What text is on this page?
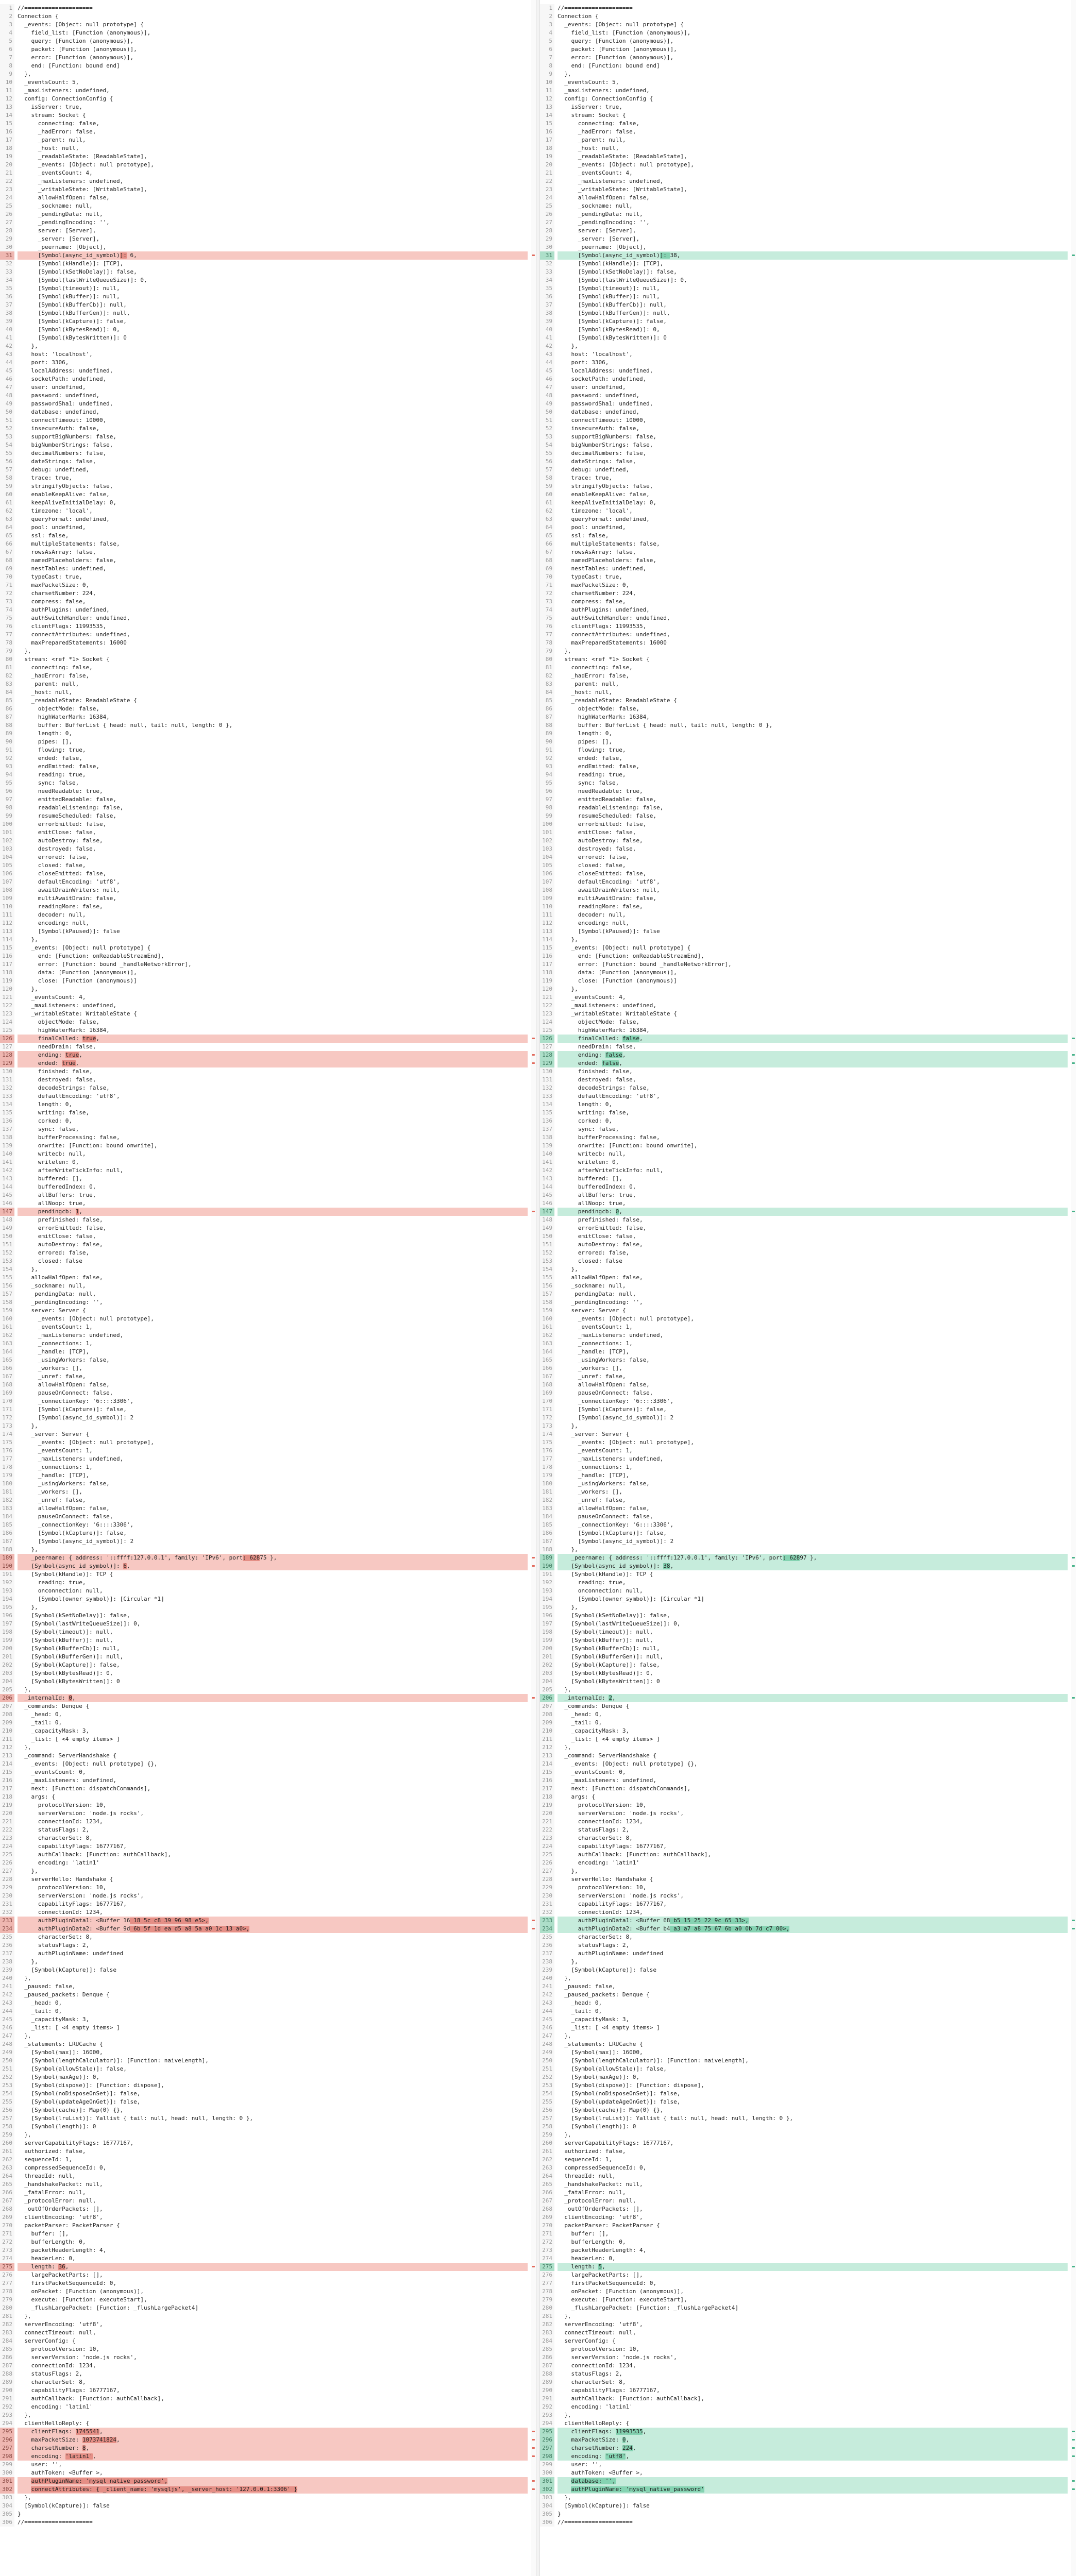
1 //====================
2 Connection {
3 _events: [Object: null prototype] {
4 field_list: [Function (anonymous)],
5 query: [Function (anonymous)],
6 packet: [Function (anonymous)],
7 error: [Function (anonymous)],
8 end: [Function: bound end]
9 },
10 _eventsCount: 5,
11 _maxListeners: undefined,
12 config: ConnectionConfig {
13 isServer: true,
14 stream: Socket {
15 connecting: false,
16 _hadError: false,
17 _parent: null,
18 _host: null,
19 _readableState: [ReadableState],
20 _events: [Object: null prototype],
21 _eventsCount: 4,
22 _maxListeners: undefined,
23 _writableState: [WritableState],
24 allowHalfOpen: false,
25 _sockname: null,
26 _pendingData: null,
27 _pendingEncoding: '',
28 server: [Server],
29 _server: [Server],
30 _peername: [Object],
31 [Symbol(async_id_symbol)]: 6,
32 [Symbol(kHandle)]: [TCP],
33 [Symbol(kSetNoDelay)]: false,
34 [Symbol(lastWriteQueueSize)]: 0,
35 [Symbol(timeout)]: null,
36 [Symbol(kBuffer)]: null,
37 [Symbol(kBufferCb)]: null,
38 [Symbol(kBufferGen)]: null,
39 [Symbol(kCapture)]: false,
40 [Symbol(kBytesRead)]: 0,
41 [Symbol(kBytesWritten)]: 0
42 },
43 host: 'localhost',
44 port: 3306,
45 localAddress: undefined,
46 socketPath: undefined,
47 user: undefined,
48 password: undefined,
49 passwordSha1: undefined,
50 database: undefined,
51 connectTimeout: 10000,
52 insecureAuth: false,
53 supportBigNumbers: false,
54 bigNumberStrings: false,
55 decimalNumbers: false,
56 dateStrings: false,
57 debug: undefined,
58 trace: true,
59 stringifyObjects: false,
60 enableKeepAlive: false,
61 keepAliveInitialDelay: 0,
62 timezone: 'local',
63 queryFormat: undefined,
64 pool: undefined,
65 ssl: false,
66 multipleStatements: false,
67 rowsAsArray: false,
68 namedPlaceholders: false,
69 nestTables: undefined,
70 typeCast: true,
71 maxPacketSize: 0,
72 charsetNumber: 224,
73 compress: false,
74 authPlugins: undefined,
75 authSwitchHandler: undefined,
76 clientFlags: 11993535,
77 connectAttributes: undefined,
78 maxPreparedStatements: 16000
79 },
80 stream: <ref *1> Socket {
81 connecting: false,
82 _hadError: false,
83 _parent: null,
84 _host: null,
85 _readableState: ReadableState {
86 objectMode: false,
87 highWaterMark: 16384,
88 buffer: BufferList { head: null, tail: null, length: 0 },
89 length: 0,
90 pipes: [],
91 flowing: true,
92 ended: false,
93 endEmitted: false,
94 reading: true,
95 sync: false,
96 needReadable: true,
97 emittedReadable: false,
98 readableListening: false,
99 resumeScheduled: false,
100 errorEmitted: false,
101 emitClose: false,
102 autoDestroy: false,
103 destroyed: false,
104 errored: false,
105 closed: false,
106 closeEmitted: false,
107 defaultEncoding: 'utf8',
108 awaitDrainWriters: null,
109 multiAwaitDrain: false,
110 readingMore: false,
111 decoder: null,
112 encoding: null,
113 [Symbol(kPaused)]: false
114 },
115 _events: [Object: null prototype] {
116 end: [Function: onReadableStreamEnd],
117 error: [Function: bound _handleNetworkError],
118 data: [Function (anonymous)],
119 close: [Function (anonymous)]
120 },
121 _eventsCount: 4,
122 _maxListeners: undefined,
123 _writableState: WritableState {
124 objectMode: false,
125 highWaterMark: 16384,
126 finalCalled: true,
127 needDrain: false,
128 ending: true,
129 ended: true,
130 finished: false,
131 destroyed: false,
132 decodeStrings: false,
133 defaultEncoding: 'utf8',
134 length: 0,
135 writing: false,
136 corked: 0,
137 sync: false,
138 bufferProcessing: false,
139 onwrite: [Function: bound onwrite],
140 writecb: null,
141 writelen: 0,
142 afterWriteTickInfo: null,
143 buffered: [],
144 bufferedIndex: 0,
145 allBuffers: true,
146 allNoop: true,
147 pendingcb: 1,
148 prefinished: false,
149 errorEmitted: false,
150 emitClose: false,
151 autoDestroy: false,
152 errored: false,
153 closed: false
154 },
155 allowHalfOpen: false,
156 _sockname: null,
157 _pendingData: null,
158 _pendingEncoding: '',
159 server: Server {
160 _events: [Object: null prototype],
161 _eventsCount: 1,
162 _maxListeners: undefined,
163 _connections: 1,
164 _handle: [TCP],
165 _usingWorkers: false,
166 _workers: [],
167 _unref: false,
168 allowHalfOpen: false,
169 pauseOnConnect: false,
170 _connectionKey: '6::::3306',
171 [Symbol(kCapture)]: false,
172 [Symbol(async_id_symbol)]: 2
173 },
174 _server: Server {
175 _events: [Object: null prototype],
176 _eventsCount: 1,
177 _maxListeners: undefined,
178 _connections: 1,
179 _handle: [TCP],
180 _usingWorkers: false,
181 _workers: [],
182 _unref: false,
183 allowHalfOpen: false,
184 pauseOnConnect: false,
185 _connectionKey: '6::::3306',
186 [Symbol(kCapture)]: false,
187 [Symbol(async_id_symbol)]: 2
188 },
189 _peername: { address: '::ffff:127.0.0.1', family: 'IPv6', port: 62875 },
190 [Symbol(async_id_symbol)]: 6,
191 [Symbol(kHandle)]: TCP {
192 reading: true,
193 onconnection: null,
194 [Symbol(owner_symbol)]: [Circular *1]
195 },
196 [Symbol(kSetNoDelay)]: false,
197 [Symbol(lastWriteQueueSize)]: 0,
198 [Symbol(timeout)]: null,
199 [Symbol(kBuffer)]: null,
200 [Symbol(kBufferCb)]: null,
201 [Symbol(kBufferGen)]: null,
202 [Symbol(kCapture)]: false,
203 [Symbol(kBytesRead)]: 0,
204 [Symbol(kBytesWritten)]: 0
205 },
206 _internalId: 0,
207 _commands: Denque {
208 _head: 0,
209 _tail: 0,
210 _capacityMask: 3,
211 _list: [ <4 empty items> ]
212 },
213 _command: ServerHandshake {
214 _events: [Object: null prototype] {},
215 _eventsCount: 0,
216 _maxListeners: undefined,
217 next: [Function: dispatchCommands],
218 args: {
219 protocolVersion: 10,
220 serverVersion: 'node.js rocks',
221 connectionId: 1234,
222 statusFlags: 2,
223 characterSet: 8,
224 capabilityFlags: 16777167,
225 authCallback: [Function: authCallback],
226 encoding: 'latin1'
227 },
228 serverHello: Handshake {
229 protocolVersion: 10,
230 serverVersion: 'node.js rocks',
231 capabilityFlags: 16777167,
232 connectionId: 1234,
233 authPluginData1: <Buffer 16 18 5c c8 39 96 98 e5>,
234 authPluginData2: <Buffer 9d 6b 5f 1d ea d5 a8 5a a0 1c 13 a0>,
235 characterSet: 8,
236 statusFlags: 2,
237 authPluginName: undefined
238 },
239 [Symbol(kCapture)]: false
240 },
241 _paused: false,
242 _paused_packets: Denque {
243 _head: 0,
244 _tail: 0,
245 _capacityMask: 3,
246 _list: [ <4 empty items> ]
247 },
248 _statements: LRUCache {
249 [Symbol(max)]: 16000,
250 [Symbol(lengthCalculator)]: [Function: naiveLength],
251 [Symbol(allowStale)]: false,
252 [Symbol(maxAge)]: 0,
253 [Symbol(dispose)]: [Function: dispose],
254 [Symbol(noDisposeOnSet)]: false,
255 [Symbol(updateAgeOnGet)]: false,
256 [Symbol(cache)]: Map(0) {},
257 [Symbol(lruList)]: Yallist { tail: null, head: null, length: 0 },
258 [Symbol(length)]: 0
259 },
260 serverCapabilityFlags: 16777167,
261 authorized: false,
262 sequenceId: 1,
263 compressedSequenceId: 0,
264 threadId: null,
265 _handshakePacket: null,
266 _fatalError: null,
267 _protocolError: null,
268 _outOfOrderPackets: [],
269 clientEncoding: 'utf8',
270 packetParser: PacketParser {
271 buffer: [],
272 bufferLength: 0,
273 packetHeaderLength: 4,
274 headerLen: 0,
275 length: 36,
276 largePacketParts: [],
277 firstPacketSequenceId: 0,
278 onPacket: [Function (anonymous)],
279 execute: [Function: executeStart],
280 _flushLargePacket: [Function: _flushLargePacket4]
281 },
282 serverEncoding: 'utf8',
283 connectTimeout: null,
284 serverConfig: {
285 protocolVersion: 10,
286 serverVersion: 'node.js rocks',
287 connectionId: 1234,
288 statusFlags: 2,
289 characterSet: 8,
290 capabilityFlags: 16777167,
291 authCallback: [Function: authCallback],
292 encoding: 'latin1'
293 },
294 clientHelloReply: {
295 clientFlags: 1745541,
296 maxPacketSize: 1073741824,
297 charsetNumber: 8,
298 encoding: 'latin1',
299 user: '',
300 authToken: <Buffer >,
301 authPluginName: 'mysql_native_password',
302 connectAttributes: { _client_name: 'mysqljs', _server_host: '127.0.0.1:3306' }
303 },
304 [Symbol(kCapture)]: false
305 }
306 //====================
1 //====================
2 Connection {
3 _events: [Object: null prototype] {
4 field_list: [Function (anonymous)],
5 query: [Function (anonymous)],
6 packet: [Function (anonymous)],
7 error: [Function (anonymous)],
8 end: [Function: bound end]
9 },
10 _eventsCount: 5,
11 _maxListeners: undefined,
12 config: ConnectionConfig {
13 isServer: true,
14 stream: Socket {
15 connecting: false,
16 _hadError: false,
17 _parent: null,
18 _host: null,
19 _readableState: [ReadableState],
20 _events: [Object: null prototype],
21 _eventsCount: 4,
22 _maxListeners: undefined,
23 _writableState: [WritableState],
24 allowHalfOpen: false,
25 _sockname: null,
26 _pendingData: null,
27 _pendingEncoding: '',
28 server: [Server],
29 _server: [Server],
30 _peername: [Object],
31 [Symbol(async_id_symbol)]: 38,
32 [Symbol(kHandle)]: [TCP],
33 [Symbol(kSetNoDelay)]: false,
34 [Symbol(lastWriteQueueSize)]: 0,
35 [Symbol(timeout)]: null,
36 [Symbol(kBuffer)]: null,
37 [Symbol(kBufferCb)]: null,
38 [Symbol(kBufferGen)]: null,
39 [Symbol(kCapture)]: false,
40 [Symbol(kBytesRead)]: 0,
41 [Symbol(kBytesWritten)]: 0
42 },
43 host: 'localhost',
44 port: 3306,
45 localAddress: undefined,
46 socketPath: undefined,
47 user: undefined,
48 password: undefined,
49 passwordSha1: undefined,
50 database: undefined,
51 connectTimeout: 10000,
52 insecureAuth: false,
53 supportBigNumbers: false,
54 bigNumberStrings: false,
55 decimalNumbers: false,
56 dateStrings: false,
57 debug: undefined,
58 trace: true,
59 stringifyObjects: false,
60 enableKeepAlive: false,
61 keepAliveInitialDelay: 0,
62 timezone: 'local',
63 queryFormat: undefined,
64 pool: undefined,
65 ssl: false,
66 multipleStatements: false,
67 rowsAsArray: false,
68 namedPlaceholders: false,
69 nestTables: undefined,
70 typeCast: true,
71 maxPacketSize: 0,
72 charsetNumber: 224,
73 compress: false,
74 authPlugins: undefined,
75 authSwitchHandler: undefined,
76 clientFlags: 11993535,
77 connectAttributes: undefined,
78 maxPreparedStatements: 16000
79 },
80 stream: <ref *1> Socket {
81 connecting: false,
82 _hadError: false,
83 _parent: null,
84 _host: null,
85 _readableState: ReadableState {
86 objectMode: false,
87 highWaterMark: 16384,
88 buffer: BufferList { head: null, tail: null, length: 0 },
89 length: 0,
90 pipes: [],
91 flowing: true,
92 ended: false,
93 endEmitted: false,
94 reading: true,
95 sync: false,
96 needReadable: true,
97 emittedReadable: false,
98 readableListening: false,
99 resumeScheduled: false,
100 errorEmitted: false,
101 emitClose: false,
102 autoDestroy: false,
103 destroyed: false,
104 errored: false,
105 closed: false,
106 closeEmitted: false,
107 defaultEncoding: 'utf8',
108 awaitDrainWriters: null,
109 multiAwaitDrain: false,
110 readingMore: false,
111 decoder: null,
112 encoding: null,
113 [Symbol(kPaused)]: false
114 },
115 _events: [Object: null prototype] {
116 end: [Function: onReadableStreamEnd],
117 error: [Function: bound _handleNetworkError],
118 data: [Function (anonymous)],
119 close: [Function (anonymous)]
120 },
121 _eventsCount: 4,
122 _maxListeners: undefined,
123 _writableState: WritableState {
124 objectMode: false,
125 highWaterMark: 16384,
126 finalCalled: false,
127 needDrain: false,
128 ending: false,
129 ended: false,
130 finished: false,
131 destroyed: false,
132 decodeStrings: false,
133 defaultEncoding: 'utf8',
134 length: 0,
135 writing: false,
136 corked: 0,
137 sync: false,
138 bufferProcessing: false,
139 onwrite: [Function: bound onwrite],
140 writecb: null,
141 writelen: 0,
142 afterWriteTickInfo: null,
143 buffered: [],
144 bufferedIndex: 0,
145 allBuffers: true,
146 allNoop: true,
147 pendingcb: 0,
148 prefinished: false,
149 errorEmitted: false,
150 emitClose: false,
151 autoDestroy: false,
152 errored: false,
153 closed: false
154 },
155 allowHalfOpen: false,
156 _sockname: null,
157 _pendingData: null,
158 _pendingEncoding: '',
159 server: Server {
160 _events: [Object: null prototype],
161 _eventsCount: 1,
162 _maxListeners: undefined,
163 _connections: 1,
164 _handle: [TCP],
165 _usingWorkers: false,
166 _workers: [],
167 _unref: false,
168 allowHalfOpen: false,
169 pauseOnConnect: false,
170 _connectionKey: '6::::3306',
171 [Symbol(kCapture)]: false,
172 [Symbol(async_id_symbol)]: 2
173 },
174 _server: Server {
175 _events: [Object: null prototype],
176 _eventsCount: 1,
177 _maxListeners: undefined,
178 _connections: 1,
179 _handle: [TCP],
180 _usingWorkers: false,
181 _workers: [],
182 _unref: false,
183 allowHalfOpen: false,
184 pauseOnConnect: false,
185 _connectionKey: '6::::3306',
186 [Symbol(kCapture)]: false,
187 [Symbol(async_id_symbol)]: 2
188 },
189 _peername: { address: '::ffff:127.0.0.1', family: 'IPv6', port: 62897 },
190 [Symbol(async_id_symbol)]: 38,
191 [Symbol(kHandle)]: TCP {
192 reading: true,
193 onconnection: null,
194 [Symbol(owner_symbol)]: [Circular *1]
195 },
196 [Symbol(kSetNoDelay)]: false,
197 [Symbol(lastWriteQueueSize)]: 0,
198 [Symbol(timeout)]: null,
199 [Symbol(kBuffer)]: null,
200 [Symbol(kBufferCb)]: null,
201 [Symbol(kBufferGen)]: null,
202 [Symbol(kCapture)]: false,
203 [Symbol(kBytesRead)]: 0,
204 [Symbol(kBytesWritten)]: 0
205 },
206 _internalId: 2,
207 _commands: Denque {
208 _head: 0,
209 _tail: 0,
210 _capacityMask: 3,
211 _list: [ <4 empty items> ]
212 },
213 _command: ServerHandshake {
214 _events: [Object: null prototype] {},
215 _eventsCount: 0,
216 _maxListeners: undefined,
217 next: [Function: dispatchCommands],
218 args: {
219 protocolVersion: 10,
220 serverVersion: 'node.js rocks',
221 connectionId: 1234,
222 statusFlags: 2,
223 characterSet: 8,
224 capabilityFlags: 16777167,
225 authCallback: [Function: authCallback],
226 encoding: 'latin1'
227 },
228 serverHello: Handshake {
229 protocolVersion: 10,
230 serverVersion: 'node.js rocks',
231 capabilityFlags: 16777167,
232 connectionId: 1234,
233 authPluginData1: <Buffer 68 b5 15 25 22 9c 65 33>,
234 authPluginData2: <Buffer b4 a3 a7 a8 75 67 6b a0 0b 7d c7 00>,
235 characterSet: 8,
236 statusFlags: 2,
237 authPluginName: undefined
238 },
239 [Symbol(kCapture)]: false
240 },
241 _paused: false,
242 _paused_packets: Denque {
243 _head: 0,
244 _tail: 0,
245 _capacityMask: 3,
246 _list: [ <4 empty items> ]
247 },
248 _statements: LRUCache {
249 [Symbol(max)]: 16000,
250 [Symbol(lengthCalculator)]: [Function: naiveLength],
251 [Symbol(allowStale)]: false,
252 [Symbol(maxAge)]: 0,
253 [Symbol(dispose)]: [Function: dispose],
254 [Symbol(noDisposeOnSet)]: false,
255 [Symbol(updateAgeOnGet)]: false,
256 [Symbol(cache)]: Map(0) {},
257 [Symbol(lruList)]: Yallist { tail: null, head: null, length: 0 },
258 [Symbol(length)]: 0
259 },
260 serverCapabilityFlags: 16777167,
261 authorized: false,
262 sequenceId: 1,
263 compressedSequenceId: 0,
264 threadId: null,
265 _handshakePacket: null,
266 _fatalError: null,
267 _protocolError: null,
268 _outOfOrderPackets: [],
269 clientEncoding: 'utf8',
270 packetParser: PacketParser {
271 buffer: [],
272 bufferLength: 0,
273 packetHeaderLength: 4,
274 headerLen: 0,
275 length: 5,
276 largePacketParts: [],
277 firstPacketSequenceId: 0,
278 onPacket: [Function (anonymous)],
279 execute: [Function: executeStart],
280 _flushLargePacket: [Function: _flushLargePacket4]
281 },
282 serverEncoding: 'utf8',
283 connectTimeout: null,
284 serverConfig: {
285 protocolVersion: 10,
286 serverVersion: 'node.js rocks',
287 connectionId: 1234,
288 statusFlags: 2,
289 characterSet: 8,
290 capabilityFlags: 16777167,
291 authCallback: [Function: authCallback],
292 encoding: 'latin1'
293 },
294 clientHelloReply: {
295 clientFlags: 11993535,
296 maxPacketSize: 0,
297 charsetNumber: 224,
298 encoding: 'utf8',
299 user: '',
300 authToken: <Buffer >,
301 database: '',
302 authPluginName: 'mysql_native_password'
303 },
304 [Symbol(kCapture)]: false
305 }
306 //====================
